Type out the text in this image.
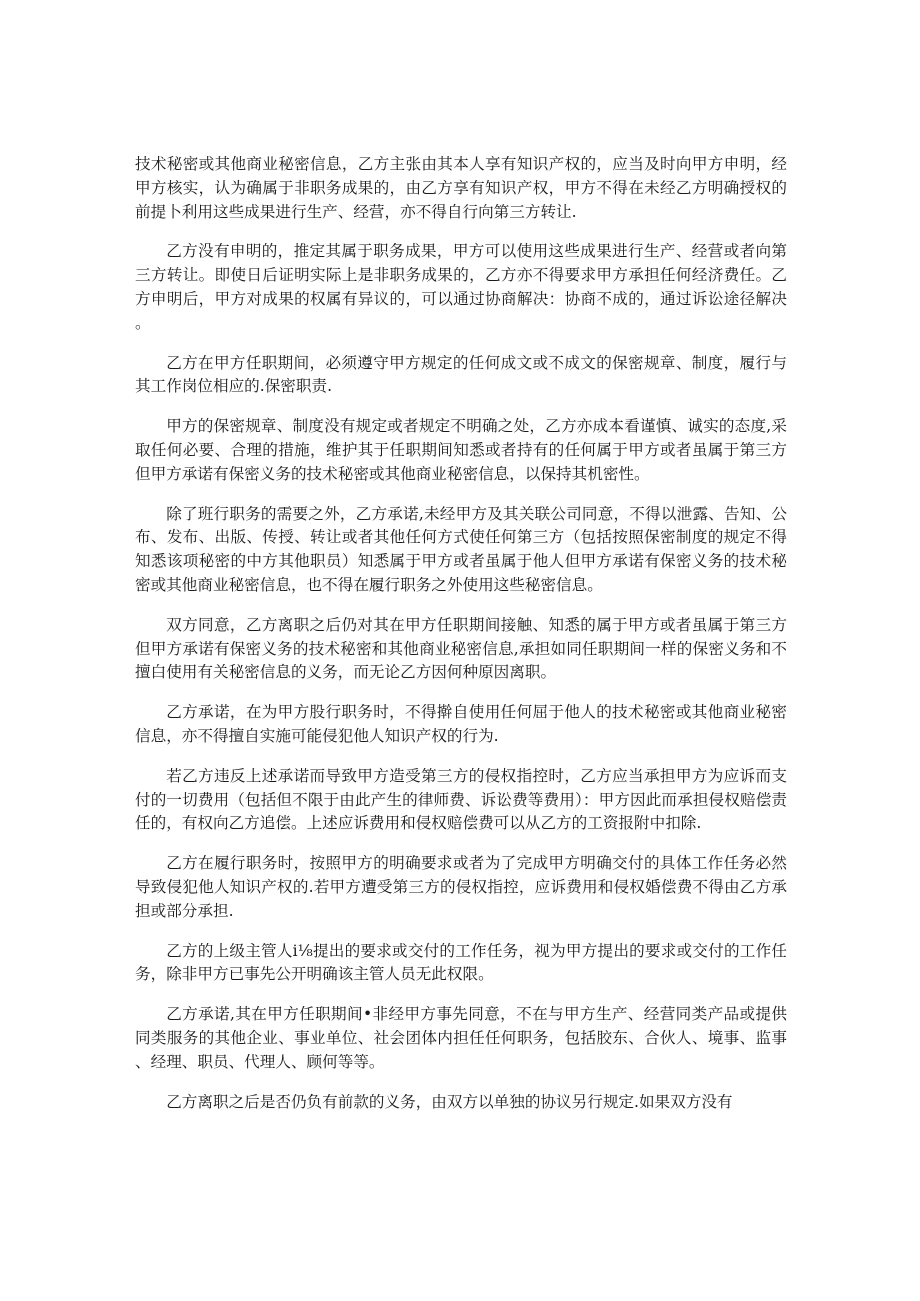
技术秘密或其他商业秘密信息，乙方主张由其本人享有知识产权的，应当及时向甲方申明，经甲方核实，认为确属于非职务成果的，由乙方享有知识产权，甲方不得在未经乙方明确授权的前提卜利用这些成果进行生产、经营，亦不得自行向第三方转让.

乙方没有申明的，推定其属于职务成果，甲方可以使用这些成果进行生产、经营或者向第三方转让。即使日后证明实际上是非职务成果的，乙方亦不得要求甲方承担任何经济费任。乙方申明后，甲方对成果的权属有异议的，可以通过协商解决：协商不成的，通过诉讼途径解决。

乙方在甲方任职期间，必须遵守甲方规定的任何成文或不成文的保密规章、制度，履行与其工作岗位相应的.保密职责.

甲方的保密规章、制度没有规定或者规定不明确之处，乙方亦成本看谨慎、诚实的态度,采取任何必要、合理的措施，维护其于任职期间知悉或者持有的任何属于甲方或者虽属于第三方但甲方承诺有保密义务的技术秘密或其他商业秘密信息，以保持其机密性。

除了班行职务的需要之外，乙方承诺,未经甲方及其关联公司同意，不得以泄露、告知、公布、发布、出版、传授、转让或者其他任何方式使任何第三方（包括按照保密制度的规定不得知悉该项秘密的中方其他职员）知悉属于甲方或者虽属于他人但甲方承诺有保密义务的技术秘密或其他商业秘密信息，也不得在履行职务之外使用这些秘密信息。

双方同意，乙方离职之后仍对其在甲方任职期间接触、知悉的属于甲方或者虽属于第三方但甲方承诺有保密义务的技术秘密和其他商业秘密信息,承担如同任职期间一样的保密义务和不擅白使用有关秘密信息的义务，而无论乙方因何种原因离职。

乙方承诺，在为甲方股行职务时，不得擀自使用任何屈于他人的技术秘密或其他商业秘密信息，亦不得擅自实施可能侵犯他人知识产权的行为.

若乙方违反上述承诺而导致甲方造受第三方的侵权指控时，乙方应当承担甲方为应诉而支付的一切费用（包括但不限于由此产生的律师费、诉讼费等费用）：甲方因此而承担侵权赔偿责任的，有权向乙方追偿。上述应诉费用和侵权赔偿费可以从乙方的工资报附中扣除.

乙方在履行职务时，按照甲方的明确要求或者为了完成甲方明确交付的具体工作任务必然导致侵犯他人知识产权的.若甲方遭受第三方的侵权指控，应诉费用和侵权婚偿费不得由乙方承担或部分承担.

乙方的上级主管人i⅛提出的要求或交付的工作任务，视为甲方提出的要求或交付的工作任务，除非甲方已事先公开明确该主管人员无此权限。

乙方承诺,其在甲方任职期间•非经甲方事先同意，不在与甲方生产、经营同类产品或提供同类服务的其他企业、事业单位、社会团体内担任任何职务，包括胶东、合伙人、境事、监事、经理、职员、代理人、顾何等等。

乙方离职之后是否仍负有前款的义务，由双方以单独的协议另行规定.如果双方没有
